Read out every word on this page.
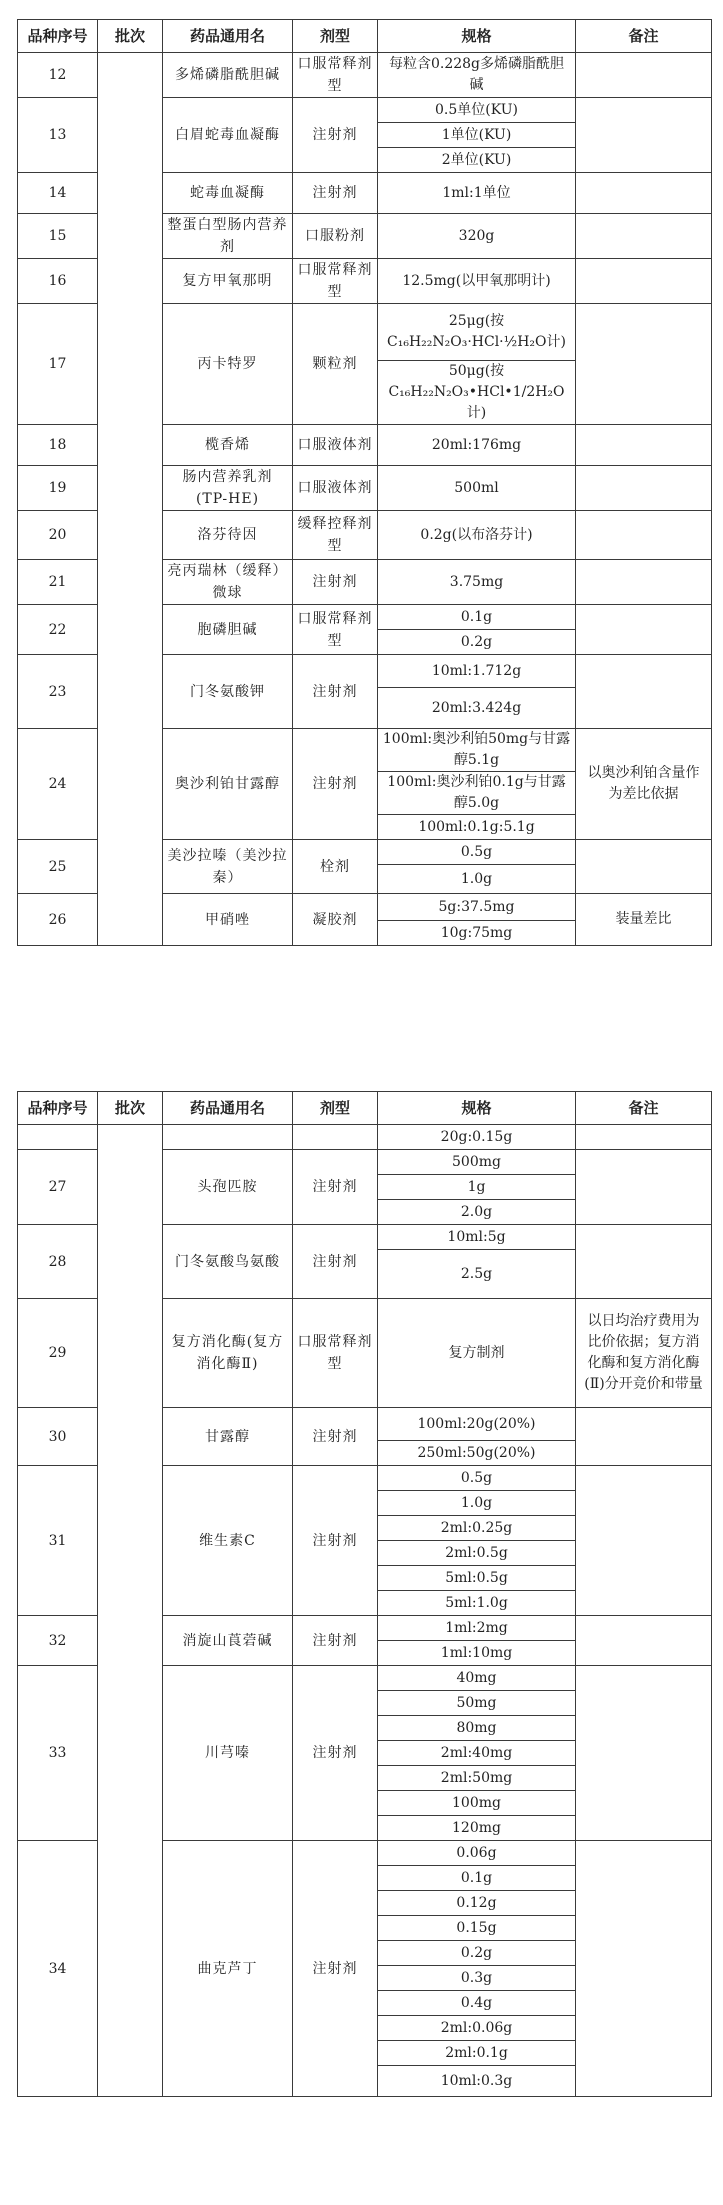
品种序号	批次	药品通用名	剂型	规格	备注
12		多烯磷脂酰胆碱	口服常释剂型	每粒含0.228g多烯磷脂酰胆碱	
13		白眉蛇毒血凝酶	注射剂	0.5单位(KU)	
				1单位(KU)	
				2单位(KU)	
14		蛇毒血凝酶	注射剂	1ml:1单位	
15		整蛋白型肠内营养剂	口服粉剂	320g	
16		复方甲氧那明	口服常释剂型	12.5mg(以甲氧那明计)	
17		丙卡特罗	颗粒剂	25μg(按C₁₆H₂₂N₂O₃·HCl·½H₂O计)	
				50μg(按C₁₆H₂₂N₂O₃•HCl•1/2H₂O计)	
18		榄香烯	口服液体剂	20ml:176mg	
19		肠内营养乳剂(TP-HE)	口服液体剂	500ml	
20		洛芬待因	缓释控释剂型	0.2g(以布洛芬计)	
21		亮丙瑞林（缓释）微球	注射剂	3.75mg	
22		胞磷胆碱	口服常释剂型	0.1g	
				0.2g	
23		门冬氨酸钾	注射剂	10ml:1.712g	
				20ml:3.424g	
24		奥沙利铂甘露醇	注射剂	100ml:奥沙利铂50mg与甘露醇5.1g	以奥沙利铂含量作为差比依据
				100ml:奥沙利铂0.1g与甘露醇5.0g	
				100ml:0.1g:5.1g	
25		美沙拉嗪（美沙拉秦）	栓剂	0.5g	
				1.0g	
26		甲硝唑	凝胶剂	5g:37.5mg	装量差比
				10g:75mg	
品种序号	批次	药品通用名	剂型	规格	备注
				20g:0.15g	
27		头孢匹胺	注射剂	500mg	
				1g	
				2.0g	
28		门冬氨酸鸟氨酸	注射剂	10ml:5g	
				2.5g	
29		复方消化酶(复方消化酶Ⅱ)	口服常释剂型	复方制剂	以日均治疗费用为比价依据；复方消化酶和复方消化酶(Ⅱ)分开竞价和带量
30		甘露醇	注射剂	100ml:20g(20%)	
				250ml:50g(20%)	
31		维生素C	注射剂	0.5g	
				1.0g	
				2ml:0.25g	
				2ml:0.5g	
				5ml:0.5g	
				5ml:1.0g	
32		消旋山莨菪碱	注射剂	1ml:2mg	
				1ml:10mg	
33		川芎嗪	注射剂	40mg	
				50mg	
				80mg	
				2ml:40mg	
				2ml:50mg	
				100mg	
				120mg	
34		曲克芦丁	注射剂	0.06g	
				0.1g	
				0.12g	
				0.15g	
				0.2g	
				0.3g	
				0.4g	
				2ml:0.06g	
				2ml:0.1g	
				10ml:0.3g	
